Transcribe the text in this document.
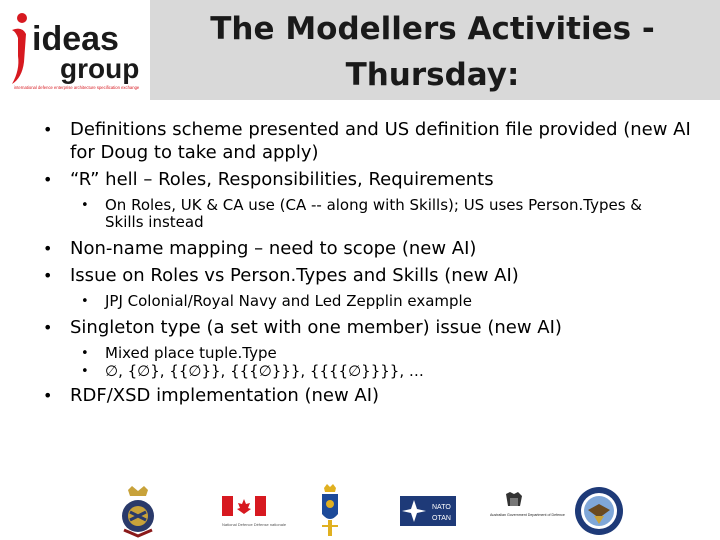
ideas
group
international defence enterprise architecture specification exchange
The Modellers Activities - Thursday:
• Definitions scheme presented and US definition file provided (new AI for Doug to take and apply)
• “R” hell – Roles, Responsibilities, Requirements
• On Roles, UK & CA use (CA -- along with Skills); US uses Person.Types & Skills instead
• Non-name mapping – need to scope (new AI)
• Issue on Roles vs Person.Types and Skills (new AI)
• JPJ Colonial/Royal Navy and Led Zepplin example
• Singleton type (a set with one member) issue (new AI)
• Mixed place tuple.Type
• ∅, {∅}, {{∅}}, {{{∅}}}, {{{{∅}}}}, …
• RDF/XSD implementation (new AI)
National Defence Défense nationale
NATO
OTAN	Australian Government Department of Defence
